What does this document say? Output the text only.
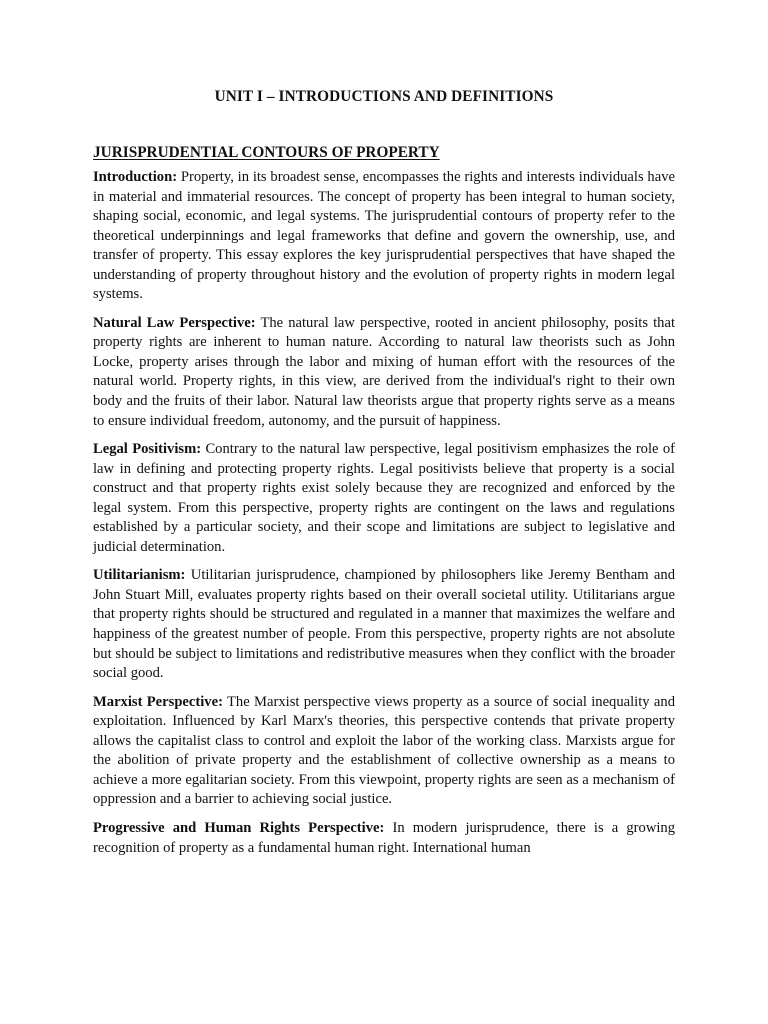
UNIT I – INTRODUCTIONS AND DEFINITIONS
JURISPRUDENTIAL CONTOURS OF PROPERTY

Introduction: Property, in its broadest sense, encompasses the rights and interests individuals have in material and immaterial resources. The concept of property has been integral to human society, shaping social, economic, and legal systems. The jurisprudential contours of property refer to the theoretical underpinnings and legal frameworks that define and govern the ownership, use, and transfer of property. This essay explores the key jurisprudential perspectives that have shaped the understanding of property throughout history and the evolution of property rights in modern legal systems.

Natural Law Perspective: The natural law perspective, rooted in ancient philosophy, posits that property rights are inherent to human nature. According to natural law theorists such as John Locke, property arises through the labor and mixing of human effort with the resources of the natural world. Property rights, in this view, are derived from the individual's right to their own body and the fruits of their labor. Natural law theorists argue that property rights serve as a means to ensure individual freedom, autonomy, and the pursuit of happiness.

Legal Positivism: Contrary to the natural law perspective, legal positivism emphasizes the role of law in defining and protecting property rights. Legal positivists believe that property is a social construct and that property rights exist solely because they are recognized and enforced by the legal system. From this perspective, property rights are contingent on the laws and regulations established by a particular society, and their scope and limitations are subject to legislative and judicial determination.

Utilitarianism: Utilitarian jurisprudence, championed by philosophers like Jeremy Bentham and John Stuart Mill, evaluates property rights based on their overall societal utility. Utilitarians argue that property rights should be structured and regulated in a manner that maximizes the welfare and happiness of the greatest number of people. From this perspective, property rights are not absolute but should be subject to limitations and redistributive measures when they conflict with the broader social good.

Marxist Perspective: The Marxist perspective views property as a source of social inequality and exploitation. Influenced by Karl Marx's theories, this perspective contends that private property allows the capitalist class to control and exploit the labor of the working class. Marxists argue for the abolition of private property and the establishment of collective ownership as a means to achieve a more egalitarian society. From this viewpoint, property rights are seen as a mechanism of oppression and a barrier to achieving social justice.

Progressive and Human Rights Perspective: In modern jurisprudence, there is a growing recognition of property as a fundamental human right. International human
